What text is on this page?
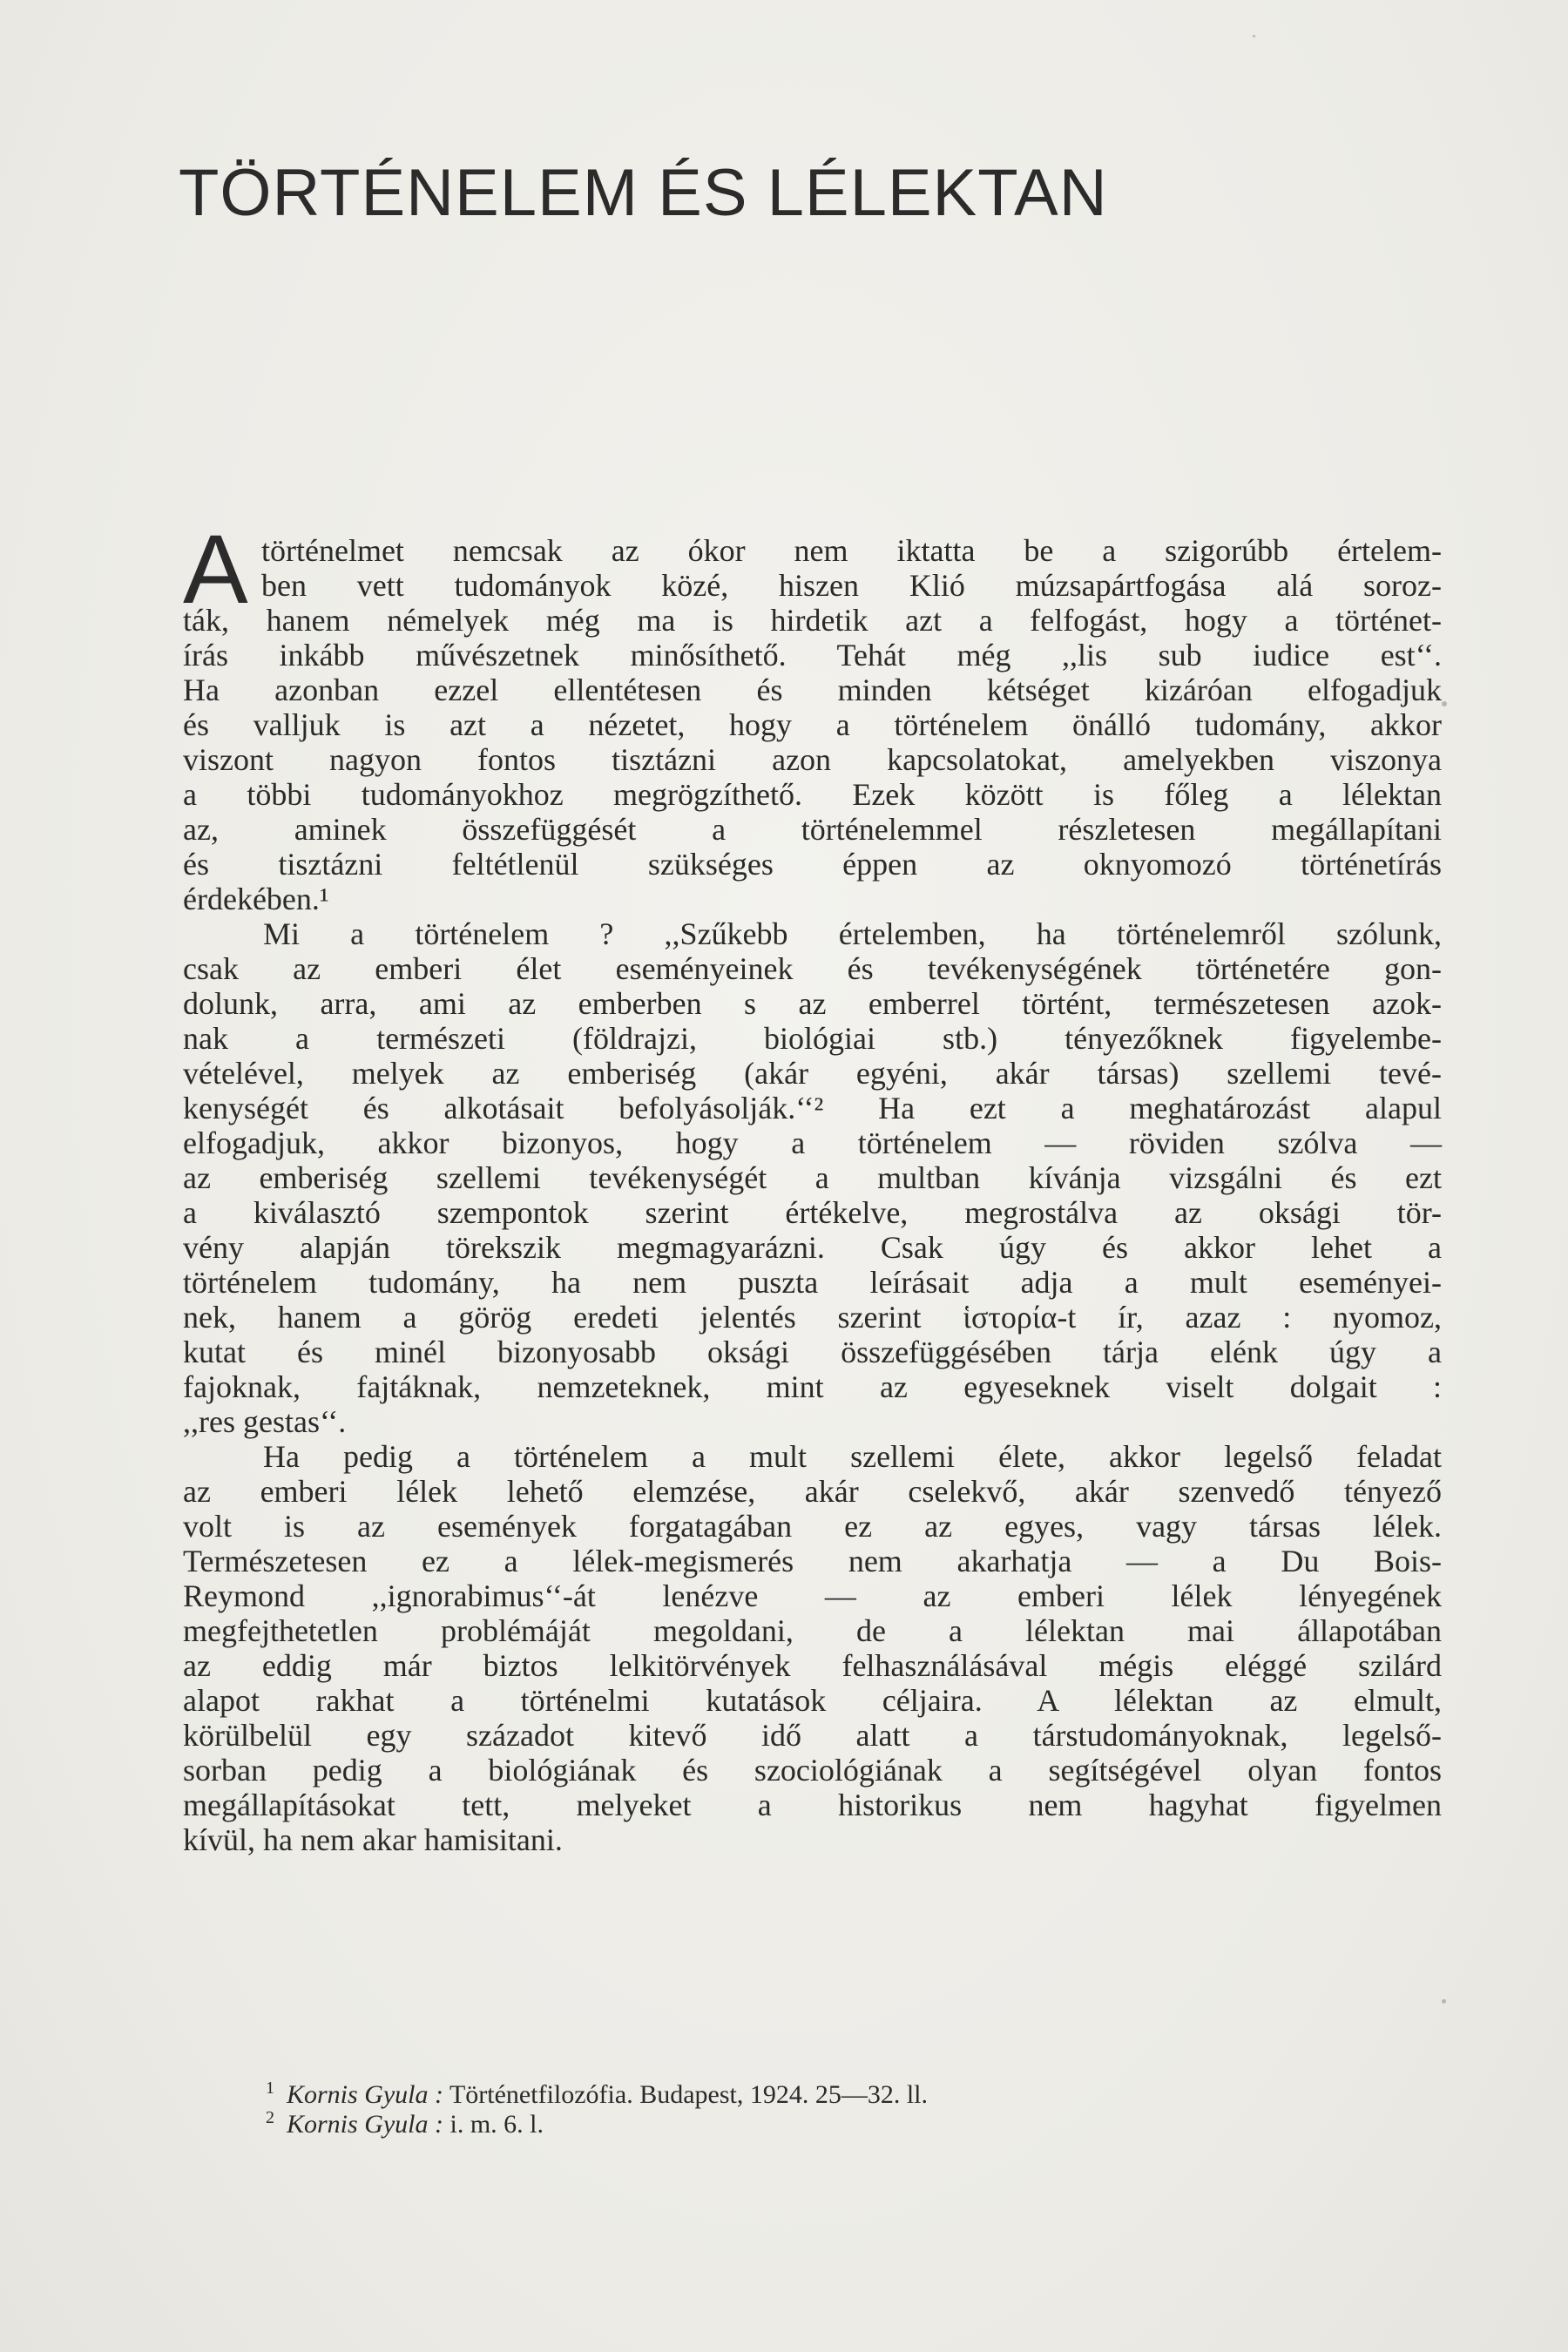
TÖRTÉNELEM ÉS LÉLEKTAN
A történelmet nemcsak az ókor nem iktatta be a szigorúbb értelem-
ben vett tudományok közé, hiszen Klió múzsapártfogása alá soroz-
ták, hanem némelyek még ma is hirdetik azt a felfogást, hogy a történet-
írás inkább művészetnek minősíthető. Tehát még ,,lis sub iudice est‘‘.
Ha azonban ezzel ellentétesen és minden kétséget kizáróan elfogadjuk
és valljuk is azt a nézetet, hogy a történelem önálló tudomány, akkor
viszont nagyon fontos tisztázni azon kapcsolatokat, amelyekben viszonya
a többi tudományokhoz megrögzíthető. Ezek között is főleg a lélektan
az, aminek összefüggését a történelemmel részletesen megállapítani
és tisztázni feltétlenül szükséges éppen az oknyomozó történetírás
érdekében.¹
Mi a történelem ? ,,Szűkebb értelemben, ha történelemről szólunk,
csak az emberi élet eseményeinek és tevékenységének történetére gon-
dolunk, arra, ami az emberben s az emberrel történt, természetesen azok-
nak a természeti (földrajzi, biológiai stb.) tényezőknek figyelembe-
vételével, melyek az emberiség (akár egyéni, akár társas) szellemi tevé-
kenységét és alkotásait befolyásolják.‘‘² Ha ezt a meghatározást alapul
elfogadjuk, akkor bizonyos, hogy a történelem — röviden szólva —
az emberiség szellemi tevékenységét a multban kívánja vizsgálni és ezt
a kiválasztó szempontok szerint értékelve, megrostálva az oksági tör-
vény alapján törekszik megmagyarázni. Csak úgy és akkor lehet a
történelem tudomány, ha nem puszta leírásait adja a mult eseményei-
nek, hanem a görög eredeti jelentés szerint ἱστορία-t ír, azaz : nyomoz,
kutat és minél bizonyosabb oksági összefüggésében tárja elénk úgy a
fajoknak, fajtáknak, nemzeteknek, mint az egyeseknek viselt dolgait :
,,res gestas‘‘.
Ha pedig a történelem a mult szellemi élete, akkor legelső feladat
az emberi lélek lehető elemzése, akár cselekvő, akár szenvedő tényező
volt is az események forgatagában ez az egyes, vagy társas lélek.
Természetesen ez a lélek-megismerés nem akarhatja — a Du Bois-
Reymond ,,ignorabimus‘‘-át lenézve — az emberi lélek lényegének
megfejthetetlen problémáját megoldani, de a lélektan mai állapotában
az eddig már biztos lelkitörvények felhasználásával mégis eléggé szilárd
alapot rakhat a történelmi kutatások céljaira. A lélektan az elmult,
körülbelül egy századot kitevő idő alatt a társtudományoknak, legelső-
sorban pedig a biológiának és szociológiának a segítségével olyan fontos
megállapításokat tett, melyeket a historikus nem hagyhat figyelmen
kívül, ha nem akar hamisitani.
$^1$ Kornis Gyula : Történetfilozófia. Budapest, 1924. 25—32. ll.
$^2$ Kornis Gyula : i. m. 6. l.
